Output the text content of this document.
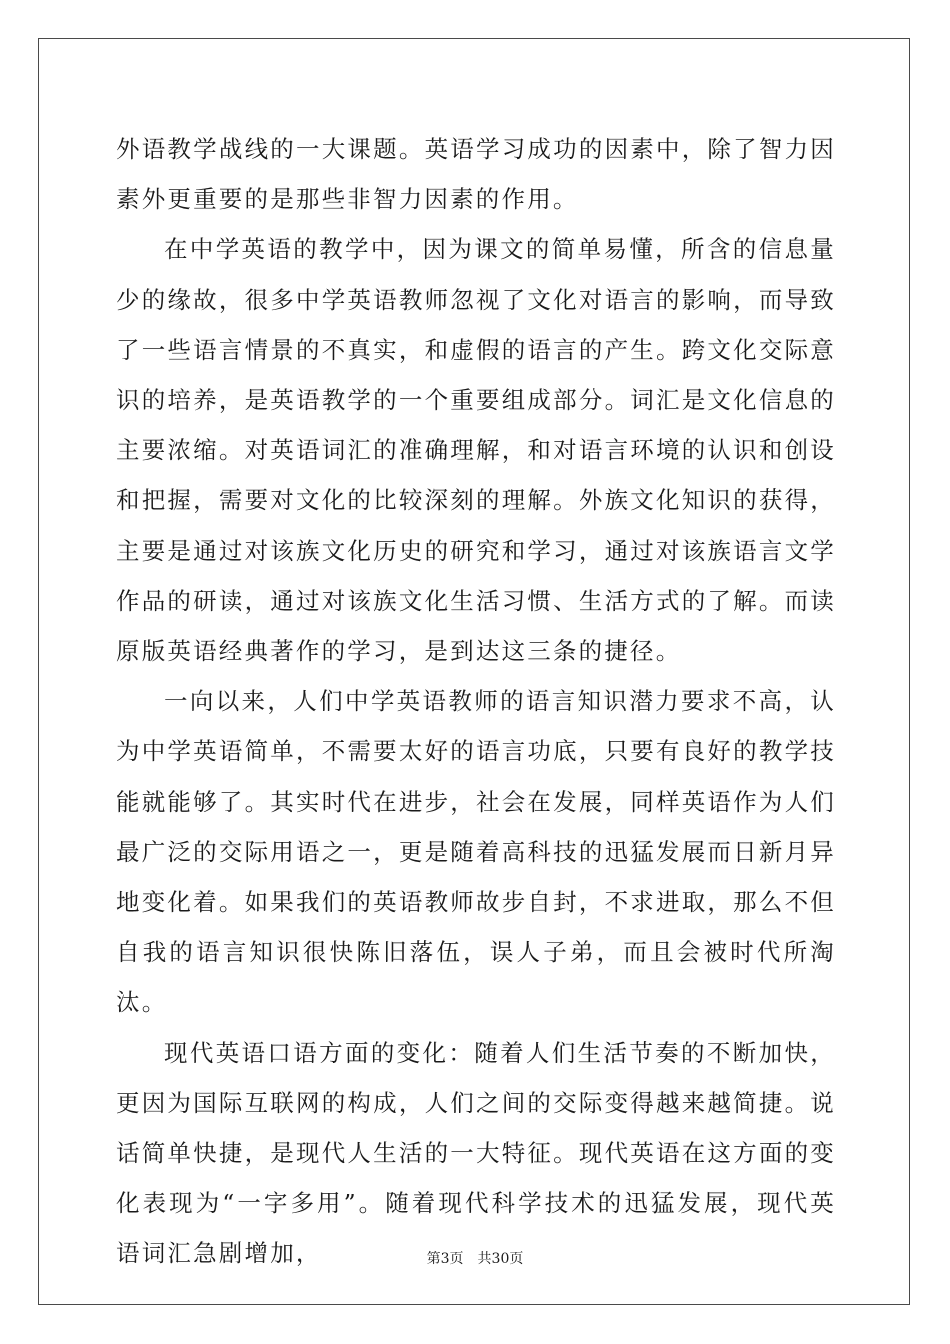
外语教学战线的一大课题。英语学习成功的因素中，除了智力因素外更重要的是那些非智力因素的作用。

在中学英语的教学中，因为课文的简单易懂，所含的信息量少的缘故，很多中学英语教师忽视了文化对语言的影响，而导致了一些语言情景的不真实，和虚假的语言的产生。跨文化交际意识的培养，是英语教学的一个重要组成部分。词汇是文化信息的主要浓缩。对英语词汇的准确理解，和对语言环境的认识和创设和把握，需要对文化的比较深刻的理解。外族文化知识的获得，主要是通过对该族文化历史的研究和学习，通过对该族语言文学作品的研读，通过对该族文化生活习惯、生活方式的了解。而读原版英语经典著作的学习，是到达这三条的捷径。

一向以来，人们中学英语教师的语言知识潜力要求不高，认为中学英语简单，不需要太好的语言功底，只要有良好的教学技能就能够了。其实时代在进步，社会在发展，同样英语作为人们最广泛的交际用语之一，更是随着高科技的迅猛发展而日新月异地变化着。如果我们的英语教师故步自封，不求进取，那么不但自我的语言知识很快陈旧落伍，误人子弟，而且会被时代所淘汰。

现代英语口语方面的变化：随着人们生活节奏的不断加快，更因为国际互联网的构成，人们之间的交际变得越来越简捷。说话简单快捷，是现代人生活的一大特征。现代英语在这方面的变化表现为“一字多用”。随着现代科学技术的迅猛发展，现代英语词汇急剧增加，	第3页 共30页
